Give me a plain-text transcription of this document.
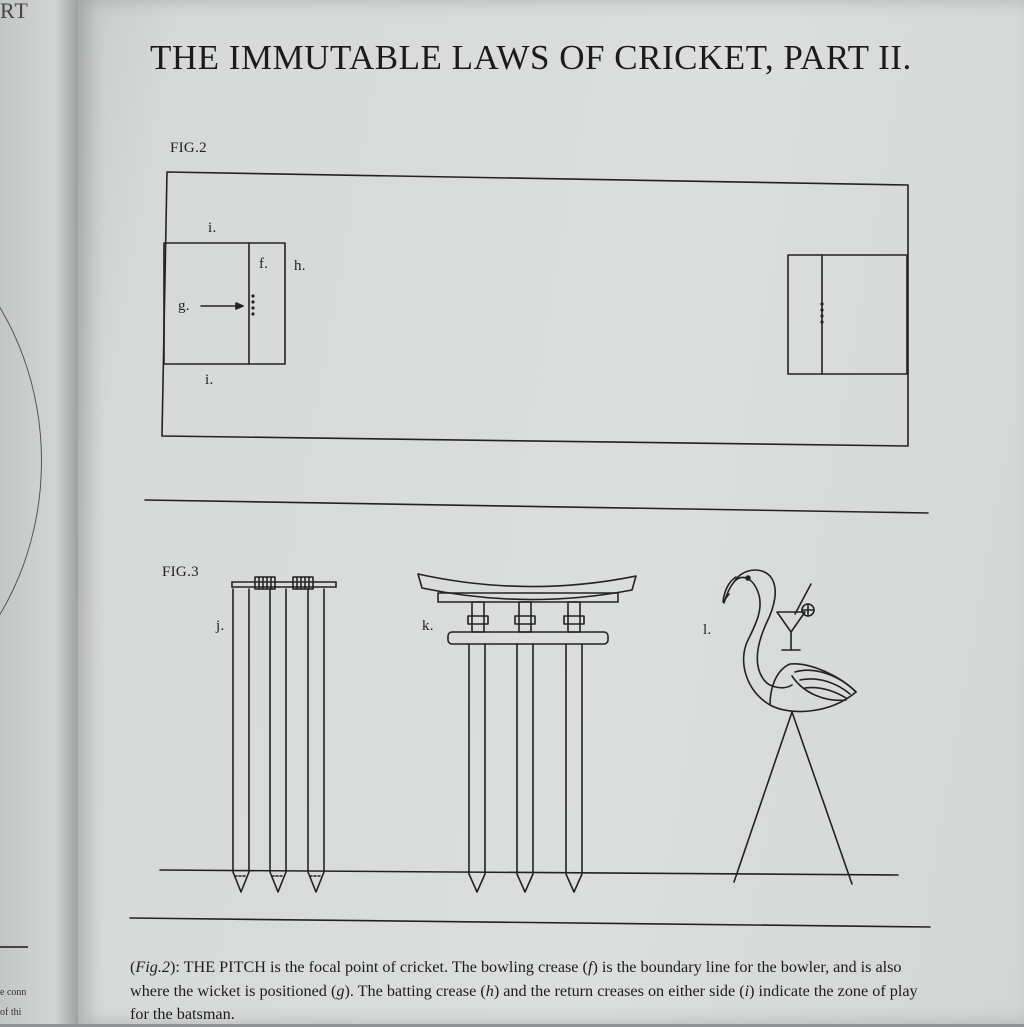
RT
e conn
of thi
THE IMMUTABLE LAWS OF CRICKET, PART II.
FIG.2
FIG.3
i.
f. h.
g.
i.
j.	k.	l.
(Fig.2): THE PITCH is the focal point of cricket. The bowling crease (f) is the boundary line for the bowler, and is also where the wicket is positioned (g). The batting crease (h) and the return creases on either side (i) indicate the zone of play for the batsman.
